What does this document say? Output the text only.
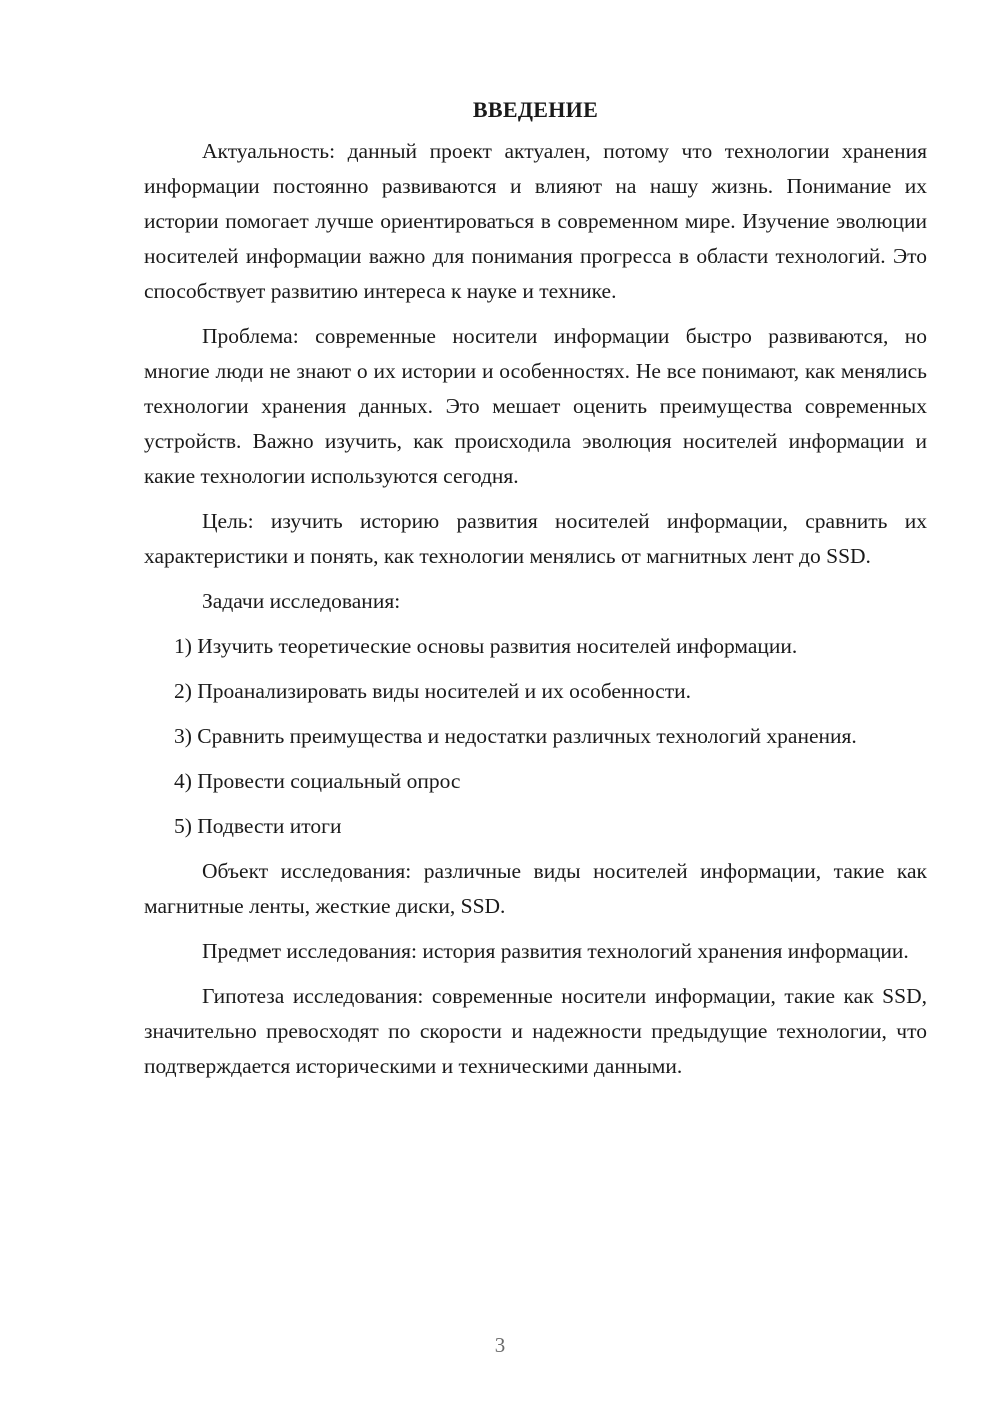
ВВЕДЕНИЕ

Актуальность: данный проект актуален, потому что технологии хранения информации постоянно развиваются и влияют на нашу жизнь. Понимание их истории помогает лучше ориентироваться в современном мире. Изучение эволюции носителей информации важно для понимания прогресса в области технологий. Это способствует развитию интереса к науке и технике.

Проблема: современные носители информации быстро развиваются, но многие люди не знают о их истории и особенностях. Не все понимают, как менялись технологии хранения данных. Это мешает оценить преимущества современных устройств. Важно изучить, как происходила эволюция носителей информации и какие технологии используются сегодня.

Цель: изучить историю развития носителей информации, сравнить их характеристики и понять, как технологии менялись от магнитных лент до SSD.

Задачи исследования:

1) Изучить теоретические основы развития носителей информации.

2) Проанализировать виды носителей и их особенности.

3) Сравнить преимущества и недостатки различных технологий хранения.

4) Провести социальный опрос

5) Подвести итоги

Объект исследования: различные виды носителей информации, такие как магнитные ленты, жесткие диски, SSD.

Предмет исследования: история развития технологий хранения информации.

Гипотеза исследования: современные носители информации, такие как SSD, значительно превосходят по скорости и надежности предыдущие технологии, что подтверждается историческими и техническими данными.

3
